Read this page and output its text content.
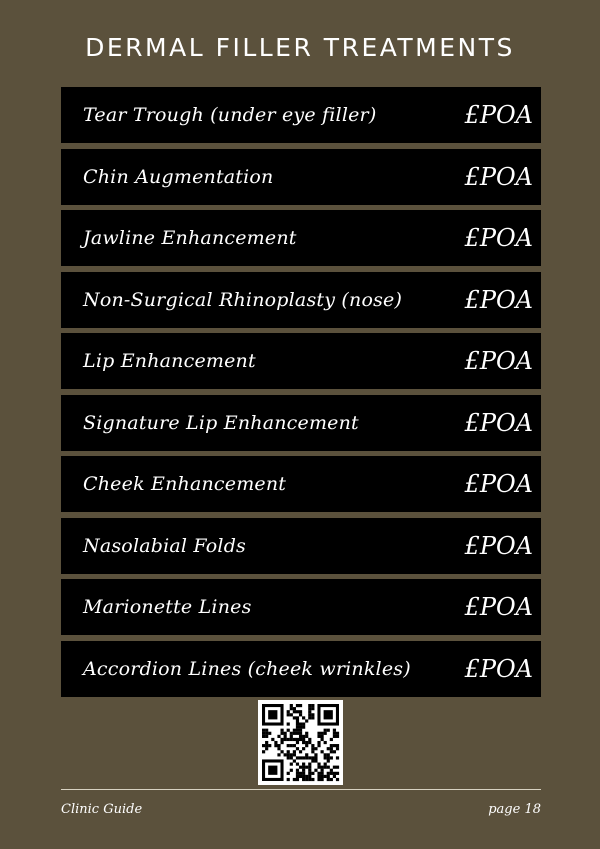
DERMAL FILLER TREATMENTS
Tear Trough (under eye filler)	£POA
Chin Augmentation	£POA
Jawline Enhancement	£POA
Non-Surgical Rhinoplasty (nose)	£POA
Lip Enhancement	£POA
Signature Lip Enhancement	£POA
Cheek Enhancement	£POA
Nasolabial Folds	£POA
Marionette Lines	£POA
Accordion Lines (cheek wrinkles) £POA
Clinic Guide	page 18
